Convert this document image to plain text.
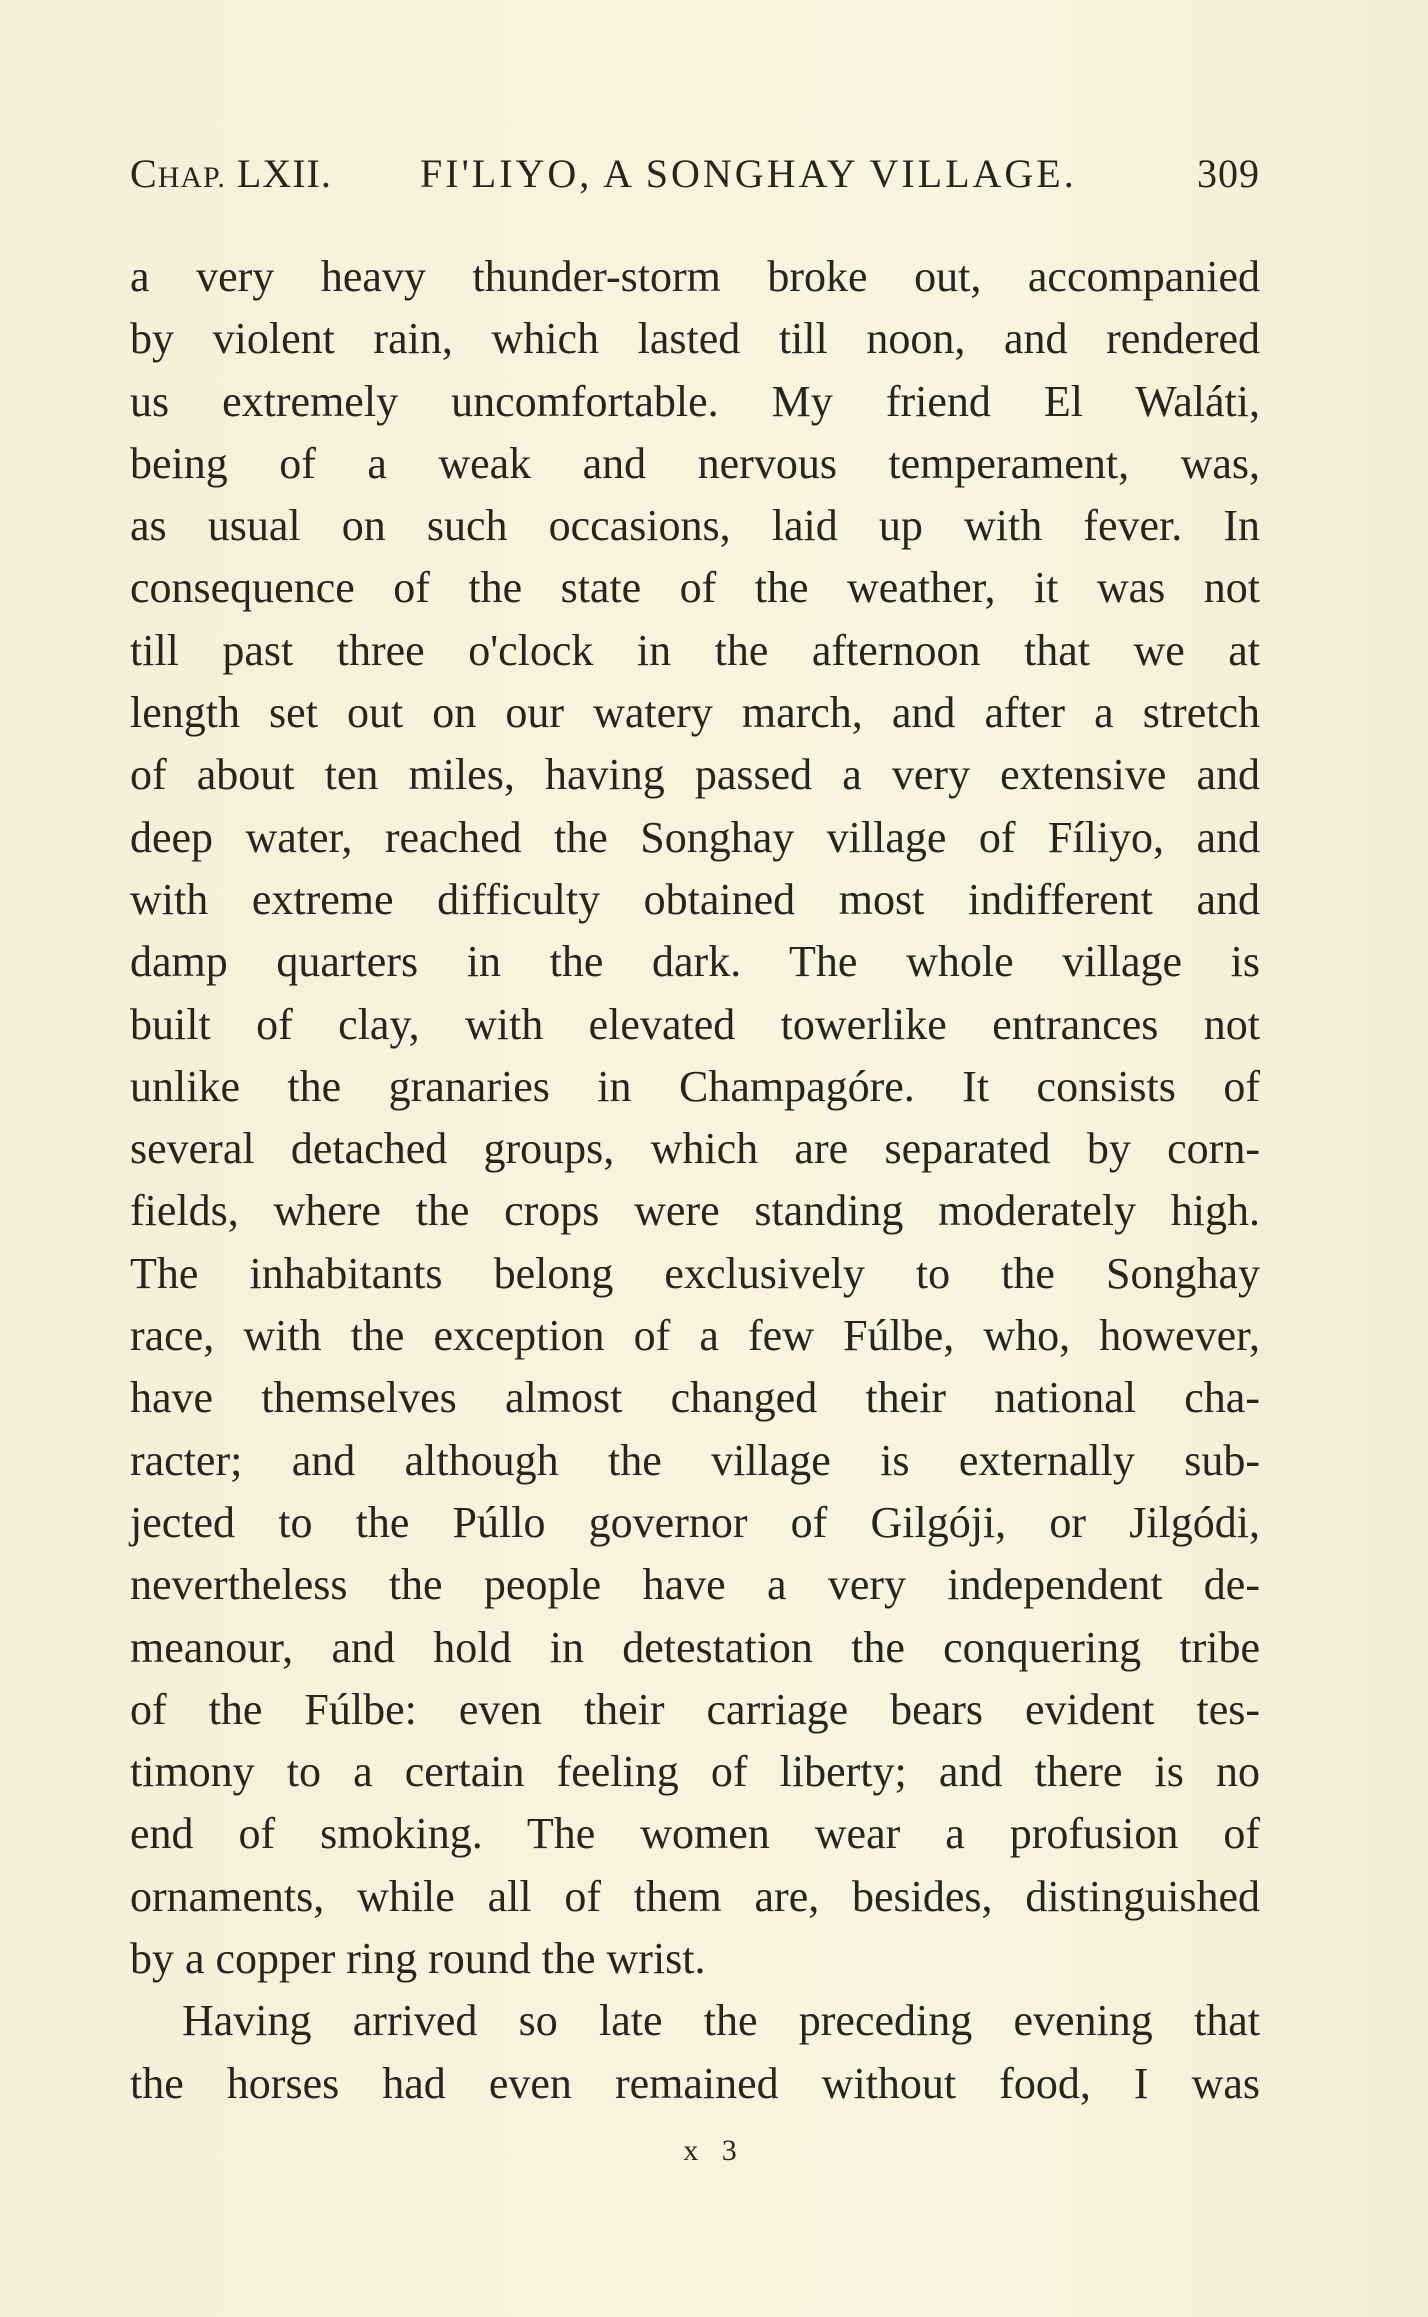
CHAP. LXII. FI'LIYO, A SONGHAY VILLAGE.	309
a very heavy thunder-storm broke out, accompanied
by violent rain, which lasted till noon, and rendered
us extremely uncomfortable. My friend El Waláti,
being of a weak and nervous temperament, was,
as usual on such occasions, laid up with fever. In
consequence of the state of the weather, it was not
till past three o'clock in the afternoon that we at
length set out on our watery march, and after a stretch
of about ten miles, having passed a very extensive and
deep water, reached the Songhay village of Fíliyo, and
with extreme difficulty obtained most indifferent and
damp quarters in the dark. The whole village is
built of clay, with elevated towerlike entrances not
unlike the granaries in Champagóre. It consists of
several detached groups, which are separated by corn-
fields, where the crops were standing moderately high.
The inhabitants belong exclusively to the Songhay
race, with the exception of a few Fúlbe, who, however,
have themselves almost changed their national cha-
racter; and although the village is externally sub-
jected to the Púllo governor of Gilgóji, or Jilgódi,
nevertheless the people have a very independent de-
meanour, and hold in detestation the conquering tribe
of the Fúlbe: even their carriage bears evident tes-
timony to a certain feeling of liberty; and there is no
end of smoking. The women wear a profusion of
ornaments, while all of them are, besides, distinguished
by a copper ring round the wrist.
Having arrived so late the preceding evening that
the horses had even remained without food, I was
x 3
